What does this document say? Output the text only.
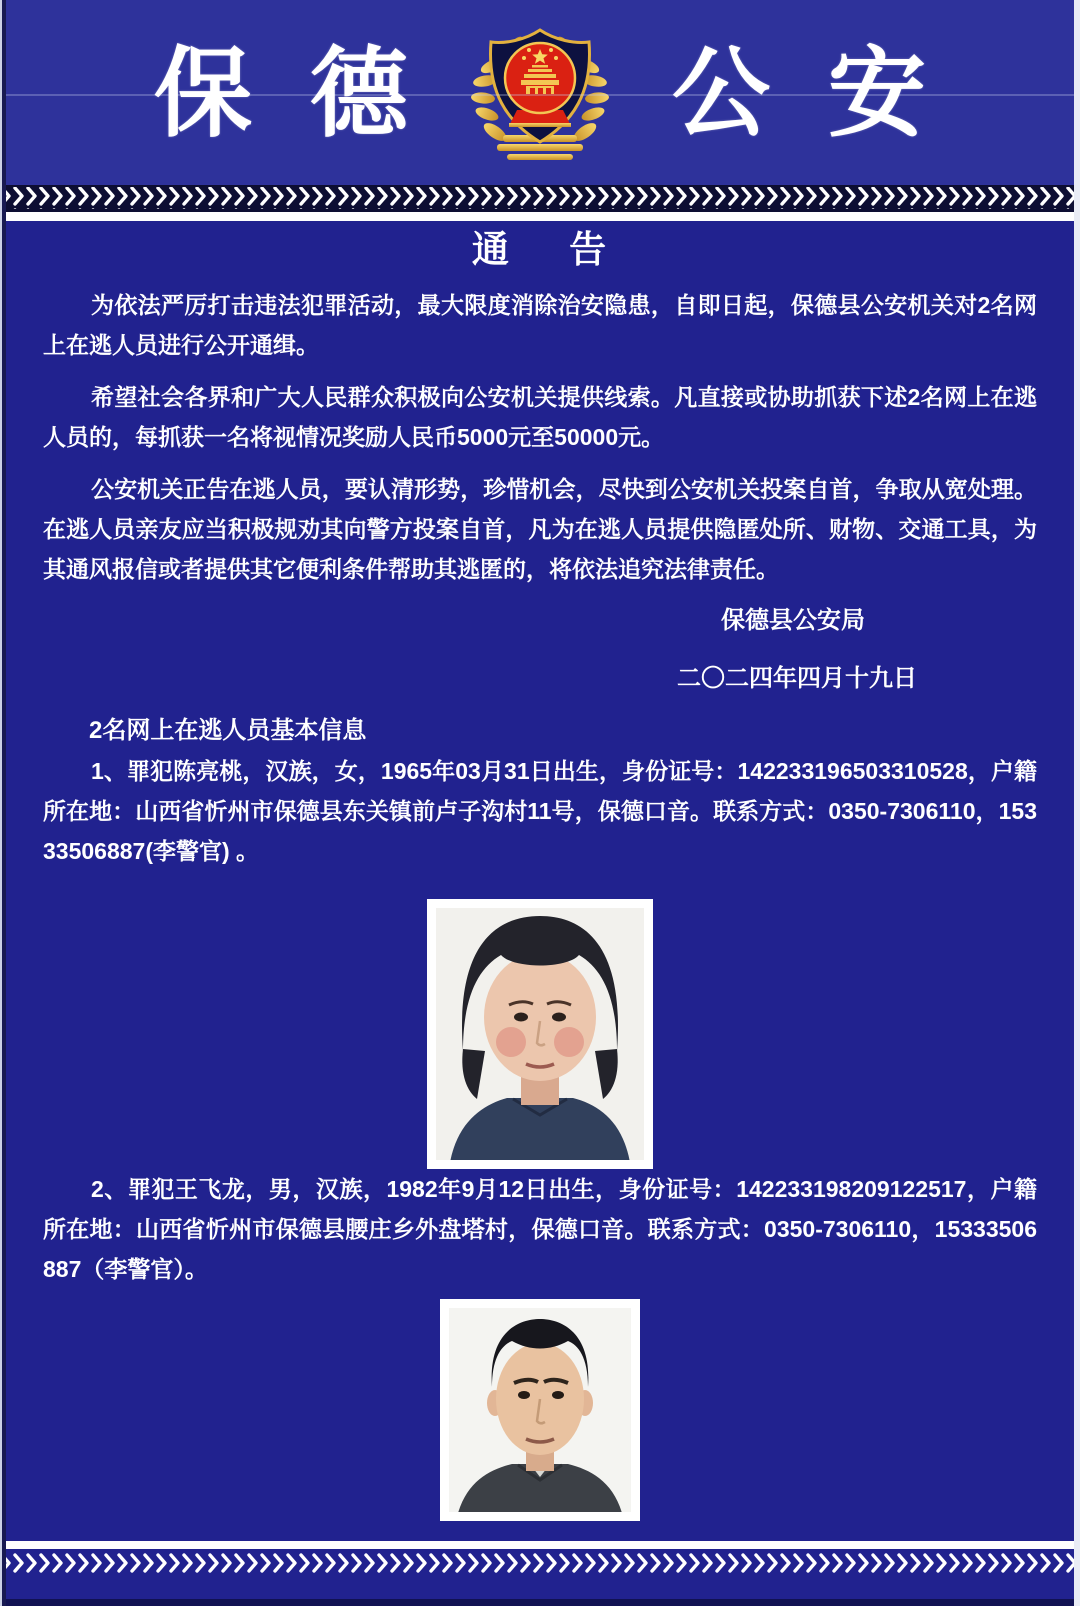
保 德	公 安
通 告

为依法严厉打击违法犯罪活动，最大限度消除治安隐患，自即日起，保德县公安机关对2名网上在逃人员进行公开通缉。

希望社会各界和广大人民群众积极向公安机关提供线索。凡直接或协助抓获下述2名网上在逃人员的，每抓获一名将视情况奖励人民币5000元至50000元。

公安机关正告在逃人员，要认清形势，珍惜机会，尽快到公安机关投案自首，争取从宽处理。在逃人员亲友应当积极规劝其向警方投案自首，凡为在逃人员提供隐匿处所、财物、交通工具，为其通风报信或者提供其它便利条件帮助其逃匿的，将依法追究法律责任。

保德县公安局
二〇二四年四月十九日
2名网上在逃人员基本信息

1、罪犯陈亮桃，汉族，女，1965年03月31日出生，身份证号：142233196503310528，户籍所在地：山西省忻州市保德县东关镇前卢子沟村11号，保德口音。联系方式：0350-7306110，15333506887(李警官) 。

2、罪犯王飞龙，男，汉族，1982年9月12日出生，身份证号：142233198209122517，户籍所在地：山西省忻州市保德县腰庄乡外盘塔村，保德口音。联系方式：0350-7306110，15333506887（李警官）。
